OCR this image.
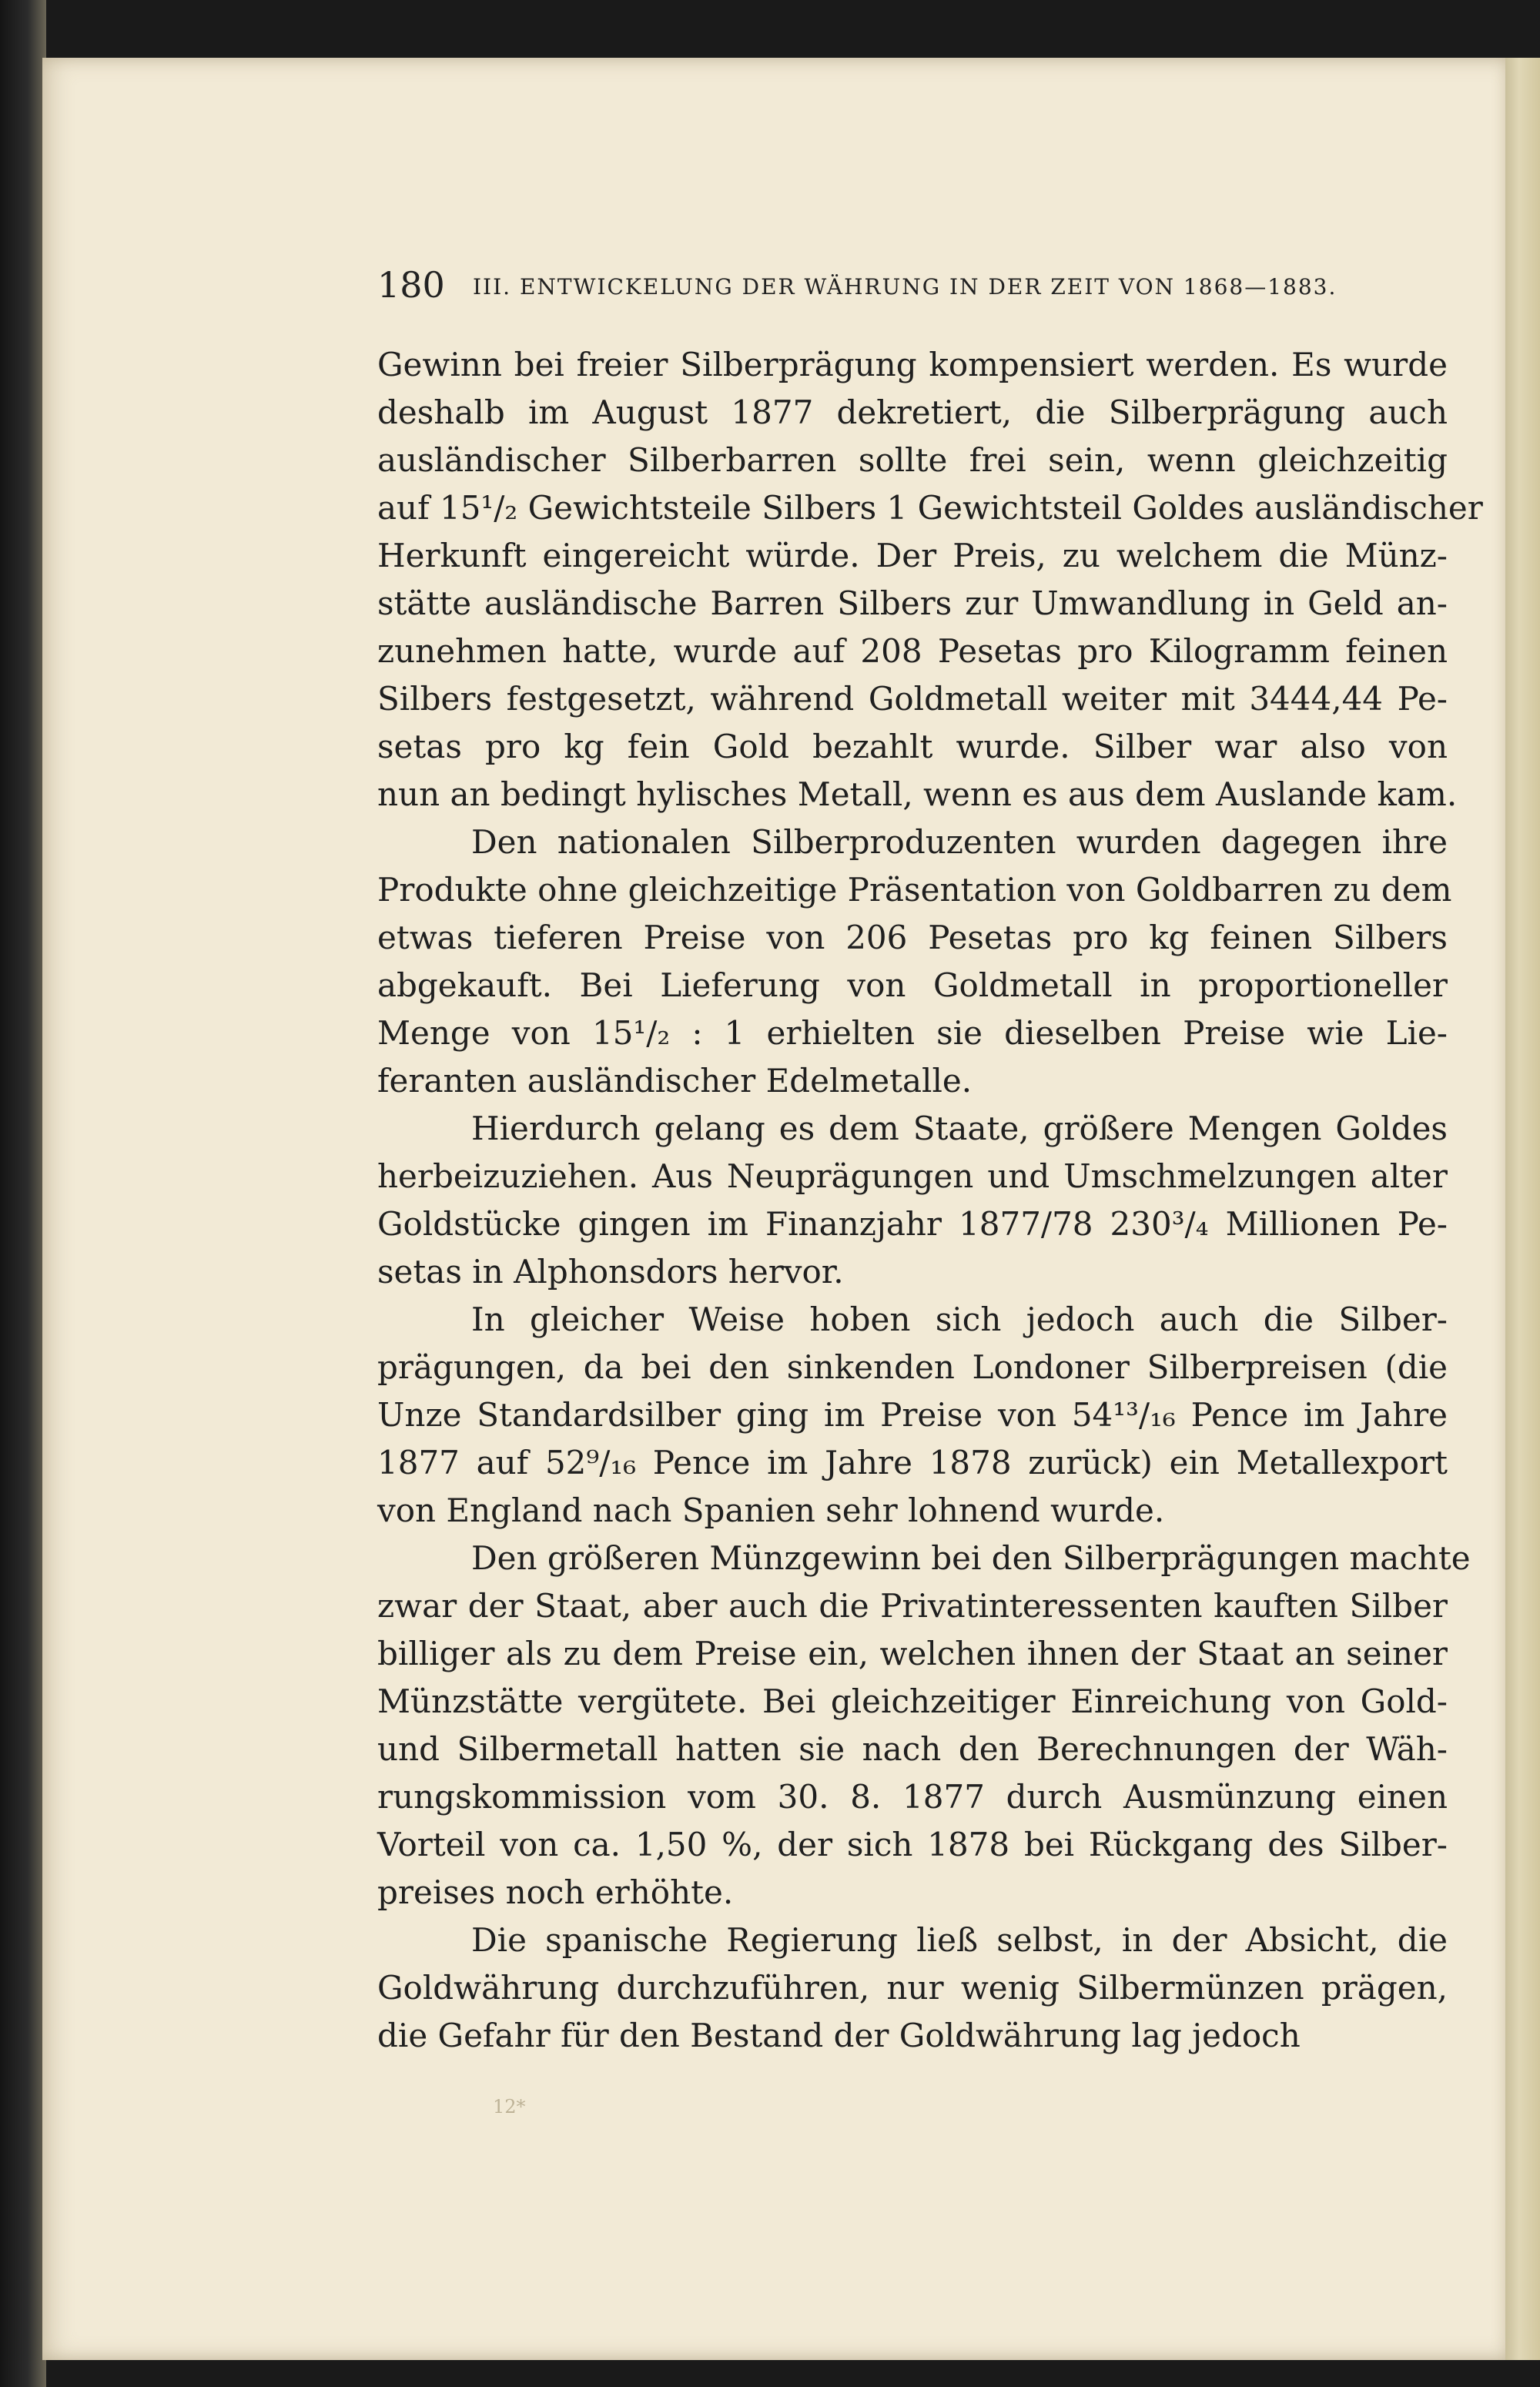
180 III. ENTWICKELUNG DER WÄHRUNG IN DER ZEIT VON 1868—1883.
Gewinn bei freier Silberprägung kompensiert werden. Es wurde
deshalb im August 1877 dekretiert, die Silberprägung auch
ausländischer Silberbarren sollte frei sein, wenn gleichzeitig
auf 15¹/₂ Gewichtsteile Silbers 1 Gewichtsteil Goldes ausländischer
Herkunft eingereicht würde. Der Preis, zu welchem die Münz-
stätte ausländische Barren Silbers zur Umwandlung in Geld an-
zunehmen hatte, wurde auf 208 Pesetas pro Kilogramm feinen
Silbers festgesetzt, während Goldmetall weiter mit 3444,44 Pe-
setas pro kg fein Gold bezahlt wurde. Silber war also von
nun an bedingt hylisches Metall, wenn es aus dem Auslande kam.
Den nationalen Silberproduzenten wurden dagegen ihre
Produkte ohne gleichzeitige Präsentation von Goldbarren zu dem
etwas tieferen Preise von 206 Pesetas pro kg feinen Silbers
abgekauft. Bei Lieferung von Goldmetall in proportioneller
Menge von 15¹/₂ : 1 erhielten sie dieselben Preise wie Lie-
feranten ausländischer Edelmetalle.
Hierdurch gelang es dem Staate, größere Mengen Goldes
herbeizuziehen. Aus Neuprägungen und Umschmelzungen alter
Goldstücke gingen im Finanzjahr 1877/78 230³/₄ Millionen Pe-
setas in Alphonsdors hervor.
In gleicher Weise hoben sich jedoch auch die Silber-
prägungen, da bei den sinkenden Londoner Silberpreisen (die
Unze Standardsilber ging im Preise von 54¹³/₁₆ Pence im Jahre
1877 auf 52⁹/₁₆ Pence im Jahre 1878 zurück) ein Metallexport
von England nach Spanien sehr lohnend wurde.
Den größeren Münzgewinn bei den Silberprägungen machte
zwar der Staat, aber auch die Privatinteressenten kauften Silber
billiger als zu dem Preise ein, welchen ihnen der Staat an seiner
Münzstätte vergütete. Bei gleichzeitiger Einreichung von Gold-
und Silbermetall hatten sie nach den Berechnungen der Wäh-
rungskommission vom 30. 8. 1877 durch Ausmünzung einen
Vorteil von ca. 1,50 %, der sich 1878 bei Rückgang des Silber-
preises noch erhöhte.
Die spanische Regierung ließ selbst, in der Absicht, die
Goldwährung durchzuführen, nur wenig Silbermünzen prägen,
die Gefahr für den Bestand der Goldwährung lag jedoch
12*
